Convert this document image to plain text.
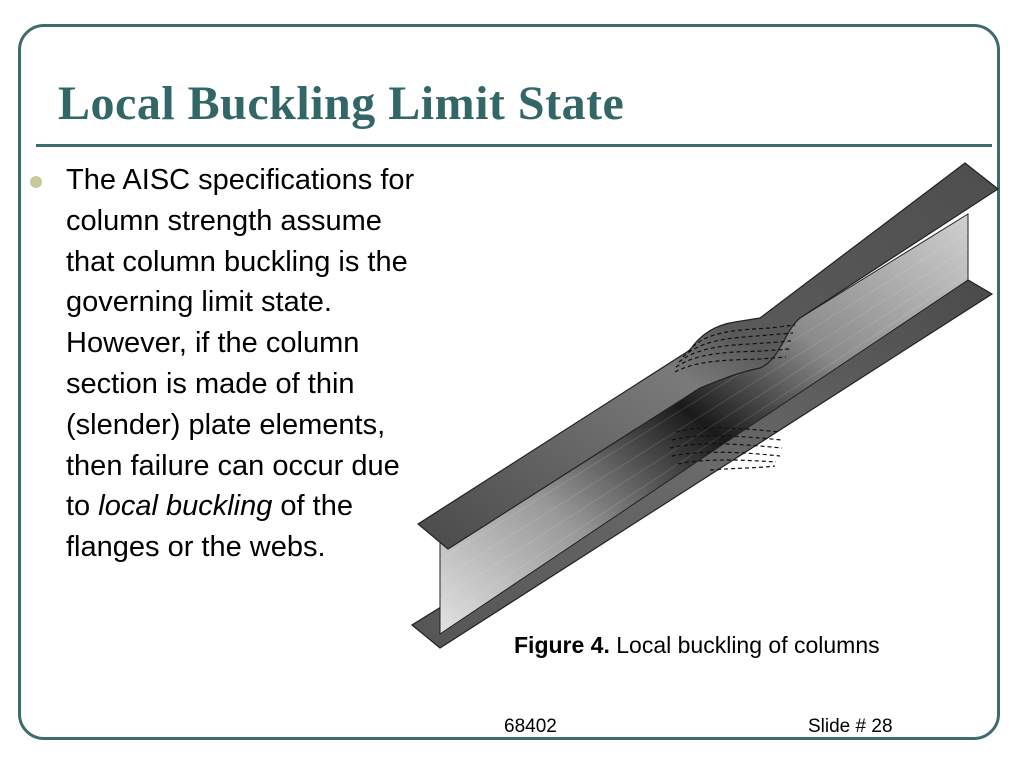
Local Buckling Limit State

The AISC specifications for column strength assume that column buckling is the governing limit state. However, if the column section is made of thin (slender) plate elements, then failure can occur due to local buckling of the flanges or the webs.

Figure 4. Local buckling of columns
68402	Slide # 28
